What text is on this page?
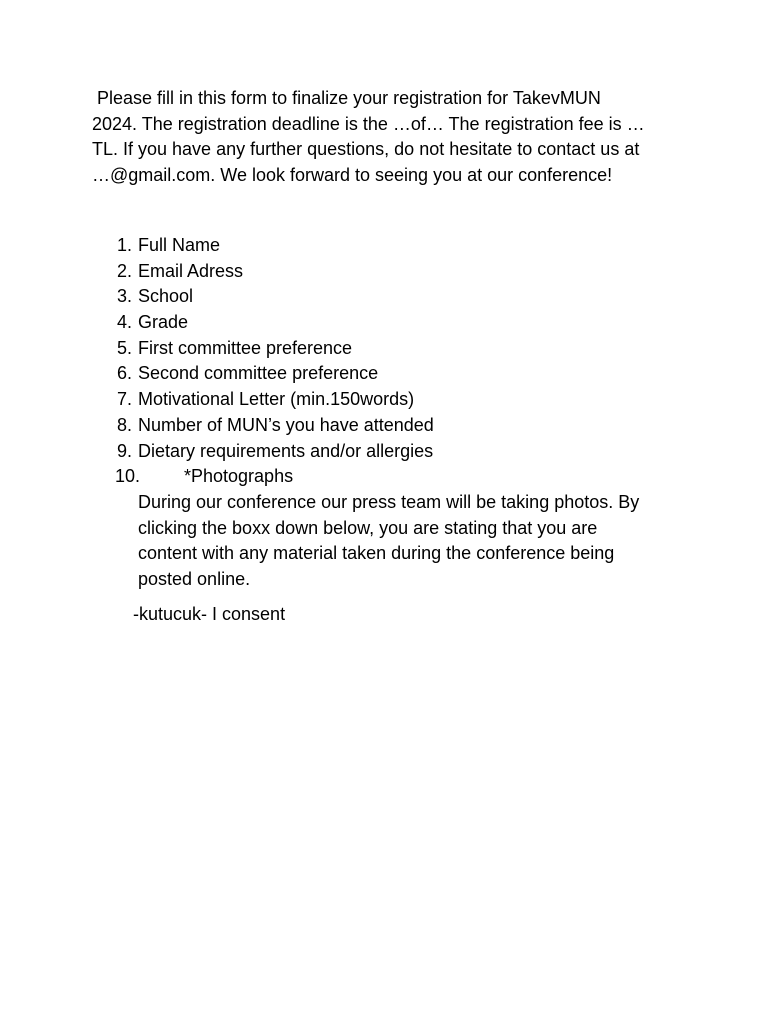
Please fill in this form to finalize your registration for TakevMUN
2024. The registration deadline is the …of… The registration fee is …
TL. If you have any further questions, do not hesitate to contact us at
…@gmail.com. We look forward to seeing you at our conference!

1. Full Name
2. Email Adress
3. School
4. Grade
5. First committee preference
6. Second committee preference
7. Motivational Letter (min.150words)
8. Number of MUN’s you have attended
9. Dietary requirements and/or allergies
10. *Photographs

During our conference our press team will be taking photos. By
clicking the boxx down below, you are stating that you are
content with any material taken during the conference being
posted online.

-kutucuk- I consent
